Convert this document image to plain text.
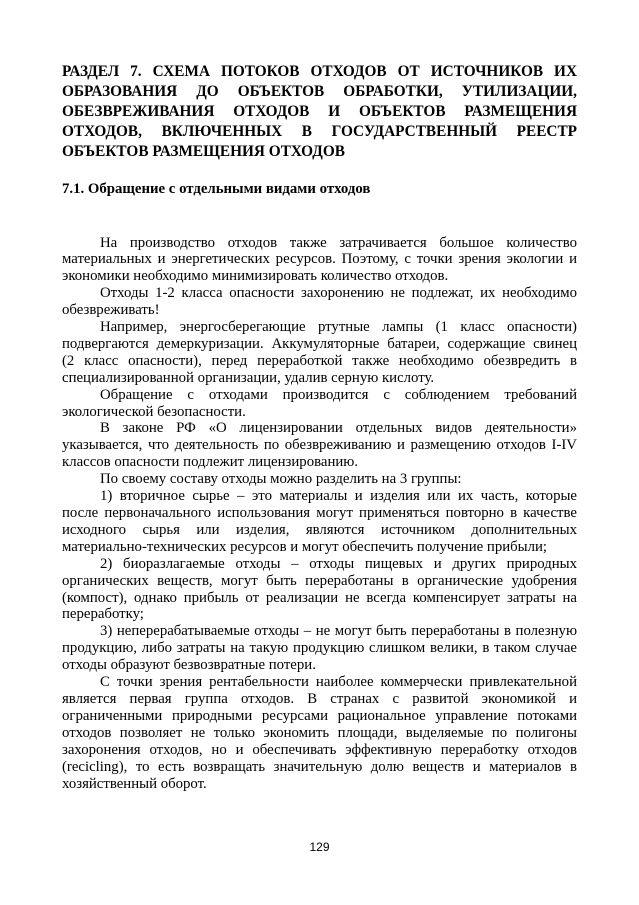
РАЗДЕЛ 7. СХЕМА ПОТОКОВ ОТХОДОВ ОТ ИСТОЧНИКОВ ИХ
ОБРАЗОВАНИЯ ДО ОБЪЕКТОВ ОБРАБОТКИ, УТИЛИЗАЦИИ,
ОБЕЗВРЕЖИВАНИЯ ОТХОДОВ И ОБЪЕКТОВ РАЗМЕЩЕНИЯ
ОТХОДОВ, ВКЛЮЧЕННЫХ В ГОСУДАРСТВЕННЫЙ РЕЕСТР
ОБЪЕКТОВ РАЗМЕЩЕНИЯ ОТХОДОВ
7.1. Обращение с отдельными видами отходов
На производство отходов также затрачивается большое количество
материальных и энергетических ресурсов. Поэтому, с точки зрения экологии и
экономики необходимо минимизировать количество отходов.
Отходы 1-2 класса опасности захоронению не подлежат, их необходимо
обезвреживать!
Например, энергосберегающие ртутные лампы (1 класс опасности)
подвергаются демеркуризации. Аккумуляторные батареи, содержащие свинец
(2 класс опасности), перед переработкой также необходимо обезвредить в
специализированной организации, удалив серную кислоту.
Обращение с отходами производится с соблюдением требований
экологической безопасности.
В законе РФ «О лицензировании отдельных видов деятельности»
указывается, что деятельность по обезвреживанию и размещению отходов I-IV
классов опасности подлежит лицензированию.
По своему составу отходы можно разделить на 3 группы:
1) вторичное сырье – это материалы и изделия или их часть, которые
после первоначального использования могут применяться повторно в качестве
исходного сырья или изделия, являются источником дополнительных
материально-технических ресурсов и могут обеспечить получение прибыли;
2) биоразлагаемые отходы – отходы пищевых и других природных
органических веществ, могут быть переработаны в органические удобрения
(компост), однако прибыль от реализации не всегда компенсирует затраты на
переработку;
3) неперерабатываемые отходы – не могут быть переработаны в полезную
продукцию, либо затраты на такую продукцию слишком велики, в таком случае
отходы образуют безвозвратные потери.
С точки зрения рентабельности наиболее коммерчески привлекательной
является первая группа отходов. В странах с развитой экономикой и
ограниченными природными ресурсами рациональное управление потоками
отходов позволяет не только экономить площади, выделяемые по полигоны
захоронения отходов, но и обеспечивать эффективную переработку отходов
(recicling), то есть возвращать значительную долю веществ и материалов в
хозяйственный оборот.
129
